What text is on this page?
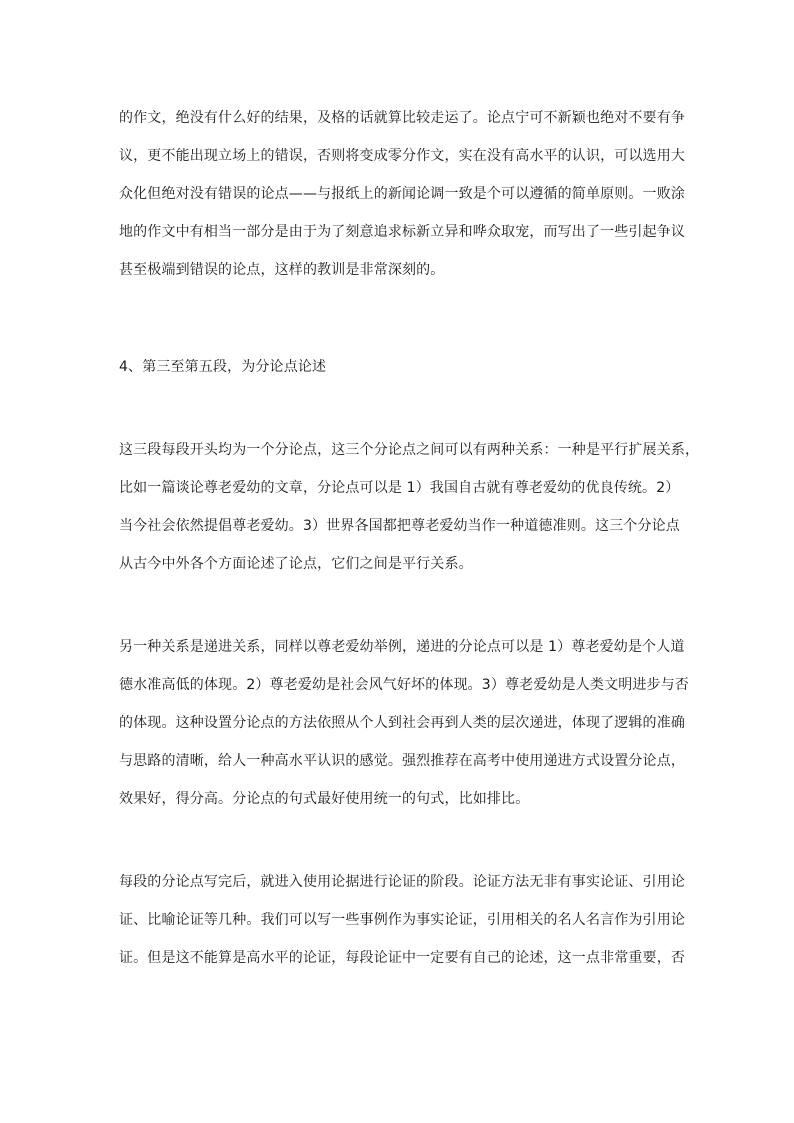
的作文，绝没有什么好的结果，及格的话就算比较走运了。论点宁可不新颖也绝对不要有争
议，更不能出现立场上的错误，否则将变成零分作文，实在没有高水平的认识，可以选用大
众化但绝对没有错误的论点——与报纸上的新闻论调一致是个可以遵循的简单原则。一败涂
地的作文中有相当一部分是由于为了刻意追求标新立异和哗众取宠，而写出了一些引起争议
甚至极端到错误的论点，这样的教训是非常深刻的。
4、第三至第五段，为分论点论述
这三段每段开头均为一个分论点，这三个分论点之间可以有两种关系：一种是平行扩展关系，
比如一篇谈论尊老爱幼的文章，分论点可以是 1）我国自古就有尊老爱幼的优良传统。2）
当今社会依然提倡尊老爱幼。3）世界各国都把尊老爱幼当作一种道德准则。这三个分论点
从古今中外各个方面论述了论点，它们之间是平行关系。
另一种关系是递进关系，同样以尊老爱幼举例，递进的分论点可以是 1）尊老爱幼是个人道
德水准高低的体现。2）尊老爱幼是社会风气好坏的体现。3）尊老爱幼是人类文明进步与否
的体现。这种设置分论点的方法依照从个人到社会再到人类的层次递进，体现了逻辑的准确
与思路的清晰，给人一种高水平认识的感觉。强烈推荐在高考中使用递进方式设置分论点，
效果好，得分高。分论点的句式最好使用统一的句式，比如排比。
每段的分论点写完后，就进入使用论据进行论证的阶段。论证方法无非有事实论证、引用论
证、比喻论证等几种。我们可以写一些事例作为事实论证，引用相关的名人名言作为引用论
证。但是这不能算是高水平的论证，每段论证中一定要有自己的论述，这一点非常重要，否
